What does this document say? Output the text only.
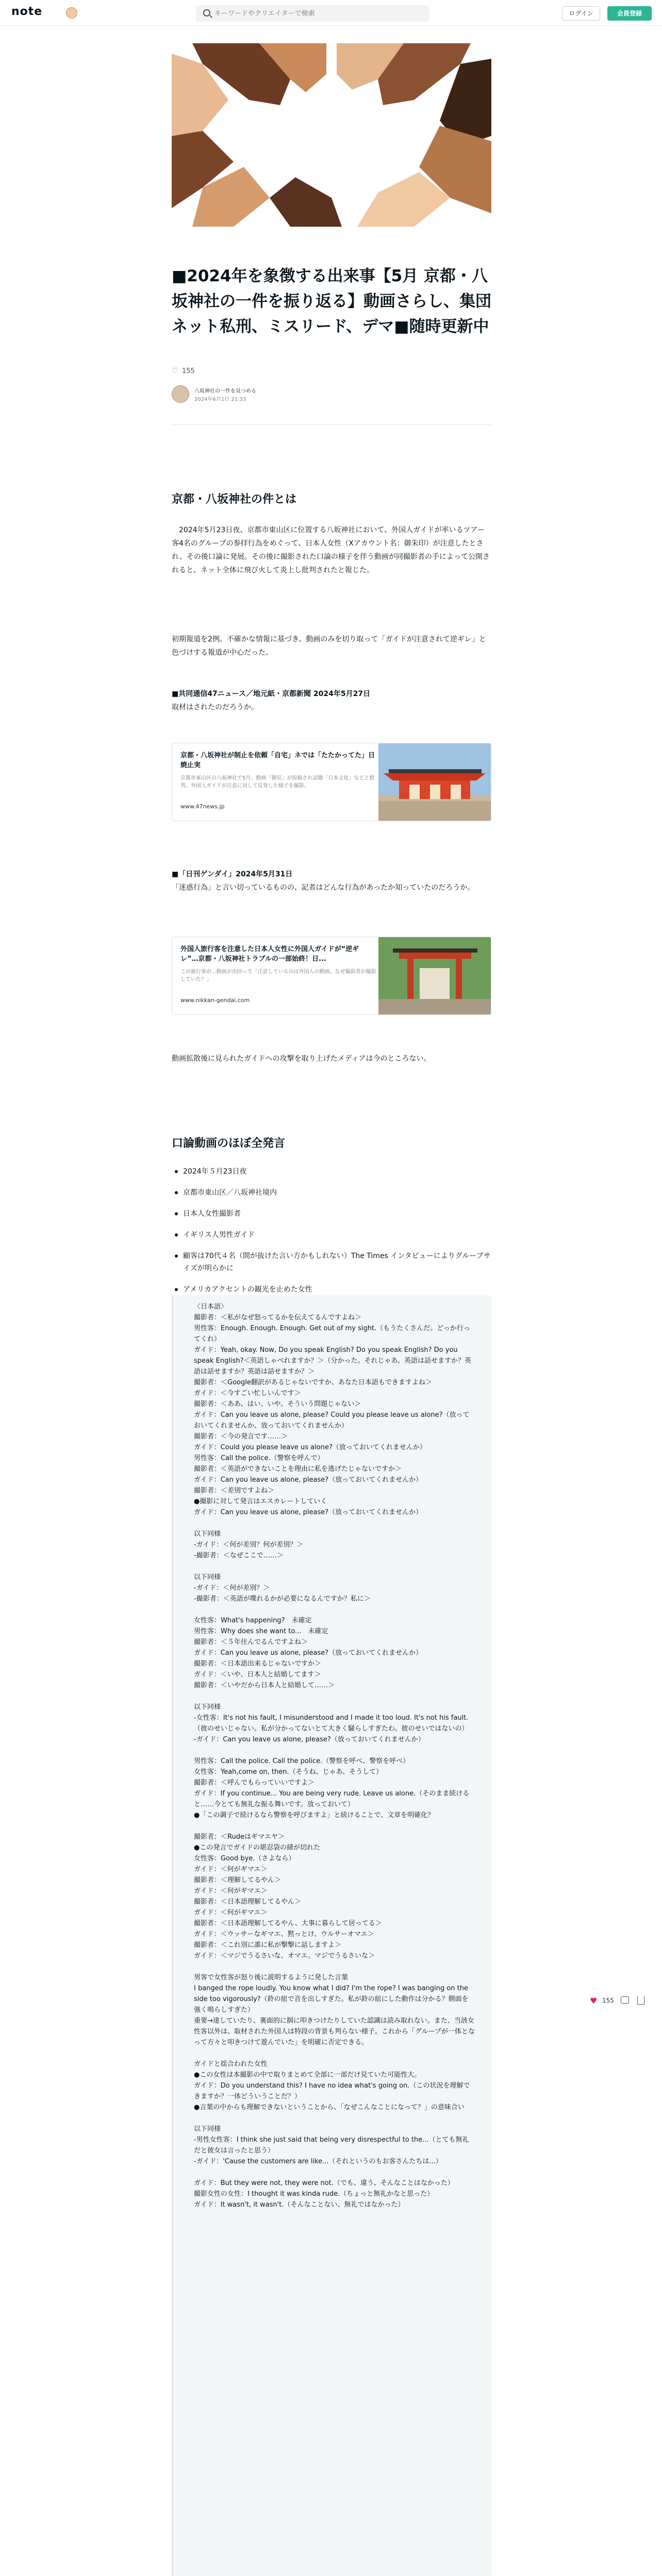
note
キーワードやクリエイターで検索	ログイン	会員登録
■2024年を象徴する出来事【5月 京都・八坂神社の一件を振り返る】動画さらし、集団ネット私刑、ミスリード、デマ■随時更新中
♡ 155
八坂神社の一件を見つめる
2024年6月1日 21:33
京都・八坂神社の件とは

　2024年5月23日夜、京都市東山区に位置する八坂神社において、外国人ガイドが率いるツアー客4名のグループの参拝行為をめぐって、日本人女性（Xアカウント名：御朱印）が注意したとされ、その後口論に発展。その後に撮影された口論の様子を伴う動画が同撮影者の手によって公開されると、ネット全体に飛び火して炎上し批判されたと報じた。

初期報道を2例。不確かな情報に基づき、動画のみを切り取って「ガイドが注意されて逆ギレ」と色づけする報道が中心だった。

■共同通信47ニュース／地元紙・京都新聞 2024年5月27日

取材はされたのだろうか。

京都・八坂神社が制止を依頼「自宅」ネでは「たたかってた」日焼止実
京都市東山区の八坂神社で5月、動画「御宣」が投稿され話題「日本文化」などと批判。外国人ガイドが注意に対して反発した様子を撮影。
www.47news.jp
■「日刊ゲンダイ」2024年5月31日

「迷惑行為」と言い切っているものの、記者はどんな行為があったか知っていたのだろうか。

外国人旅行客を注意した日本人女性に外国人ガイドが“逆ギレ”…京都・八坂神社トラブルの一部始終！日...
この旅行客が...動画が出回って「注意しているのは外国人の動画。なぜ撮影者が撮影していた？」
www.nikkan-gendai.com

動画拡散後に見られたガイドへの攻撃を取り上げたメディアは今のところない。

口論動画のほぼ全発言
2024年５月23日夜
京都市東山区／八坂神社境内
日本人女性撮影者
イギリス人男性ガイド
顧客は70代４名（間が抜けた言い方かもしれない）The Times インタビューによりグループサイズが明らかに
アメリカアクセントの観光を止めた女性
〈日本語〉
撮影者：＜私がなぜ怒ってるかを伝えてるんですよね＞
男性客：Enough. Enough. Enough. Get out of my sight.（もうたくさんだ。どっか行ってくれ）
ガイド：Yeah, okay. Now, Do you speak English? Do you speak English? Do you speak English?＜英語しゃべれますか？＞（分かった。それじゃあ、英語は話せますか？英語は話せますか？英語は話せますか？＞
撮影者：＜Google翻訳があるじゃないですか、あなた日本語もできますよね＞
ガイド：＜今すごい忙しいんです＞
撮影者：＜ああ、はい、いや、そういう問題じゃない＞
ガイド：Can you leave us alone, please? Could you please leave us alone?（放っておいてくれませんか、放っておいてくれませんか）
撮影者：＜今の発言です……＞
ガイド：Could you please leave us alone?（放っておいてくれませんか）
男性客：Call the police.（警察を呼んで）
撮影者：＜英語ができないことを理由に私を逃げたじゃないですか＞
ガイド：Can you leave us alone, please?（放っておいてくれませんか）
撮影者：＜差別ですよね＞
●撮影に対して発言はエスカレートしていく
ガイド：Can you leave us alone, please?（放っておいてくれませんか）
以下同様
-ガイド：＜何が差別？何が差別？＞
-撮影者：＜なぜここで……＞
以下同様
-ガイド：＜何が差別？＞
-撮影者：＜英語が喋れるかが必要になるんですか？私に＞
女性客：What's happening?　未確定
男性客：Why does she want to...　未確定
撮影者：＜５年住んでるんですよね＞
ガイド：Can you leave us alone, please?（放っておいてくれませんか）
撮影者：＜日本語出来るじゃないですか＞
ガイド：＜いや、日本人と結婚してます＞
撮影者：＜いやだから日本人と結婚して……＞
以下同様
-女性客：It's not his fault, I misunderstood and I made it too loud. It's not his fault.（彼のせいじゃない。私が分かってないとて大きく騒らしすぎたわ。彼のせいではないの）
-ガイド：Can you leave us alone, please?（放っておいてくれませんか）
男性客：Call the police. Call the police.（警察を呼べ、警察を呼べ）
女性客：Yeah,come on, then.（そうね、じゃあ、そうして）
撮影者：＜呼んでもらっていいですよ＞
ガイド：If you continue... You are being very rude. Leave us alone.（そのまま続けると……今とても無礼な振る舞いです。放っておいて）
●「この調子で続けるなら警察を呼びますよ」と続けることで、文章を明確化？
撮影者：＜Rudeはギマエヤ＞
●この発言でガイドの堪忍袋の緒が切れた
女性客：Good bye.（さよなら）
ガイド：＜何がギマエ＞
撮影者：＜理解してるやん＞
ガイド：＜何がギマエ＞
撮影者：＜日本語理解してるやん＞
ガイド：＜何がギマエ＞
撮影者：＜日本語理解してるやん、大事に暮らして居ってる＞
ガイド：＜ウッサーなギマエ、黙っとけ、ウルサーオマエ＞
撮影者：＜これ別に誰に私が撃撃に話しますよ＞
ガイド：＜マジでうるさいな、オマエ。マジでうるさいな＞
男客で女性客が怒り後に説明するように発した言葉
I banged the rope loudly. You know what I did? I'm the rope? I was banging on the side too vigorously?（鈴の紐で音を出しすぎた。私が鈴の紐にした動作は分かる？側面を強く鳴らしすぎた）
重要→達していたり、裏面的に掴に叩きつけたりしていた認識は読み取れない。また、当該女性客以外は、取材された外国人は特段の背景も判らない様子。これから「グループが一体となって方々と叩きつけて遊んでいた」を明確に否定できる。
ガイドと揺合われた女性
●この女性は本撮影の中で取りまとめて全部に一部だけ見ていた可能性大。
ガイド：Do you understand this? I have no idea what's going on.（この状況を理解できますか？一体どういうことだ？）
●言葉の中からも理解できないということから、「なぜこんなことになって？」の意味合い
以下同様
-男性女性客：I think she just said that being very disrespectful to the...（とても無礼だと彼女は言ったと思う）
-ガイド：'Cause the customers are like...（それというのもお客さんたちは...）
ガイド：But they were not, they were not.（でも、違う、そんなことはなかった）
撮影女性の女性：I thought it was kinda rude.（ちょっと無礼かなと思った）
ガイド：It wasn't, it wasn't.（そんなことない、無礼ではなかった）
♥ 155
